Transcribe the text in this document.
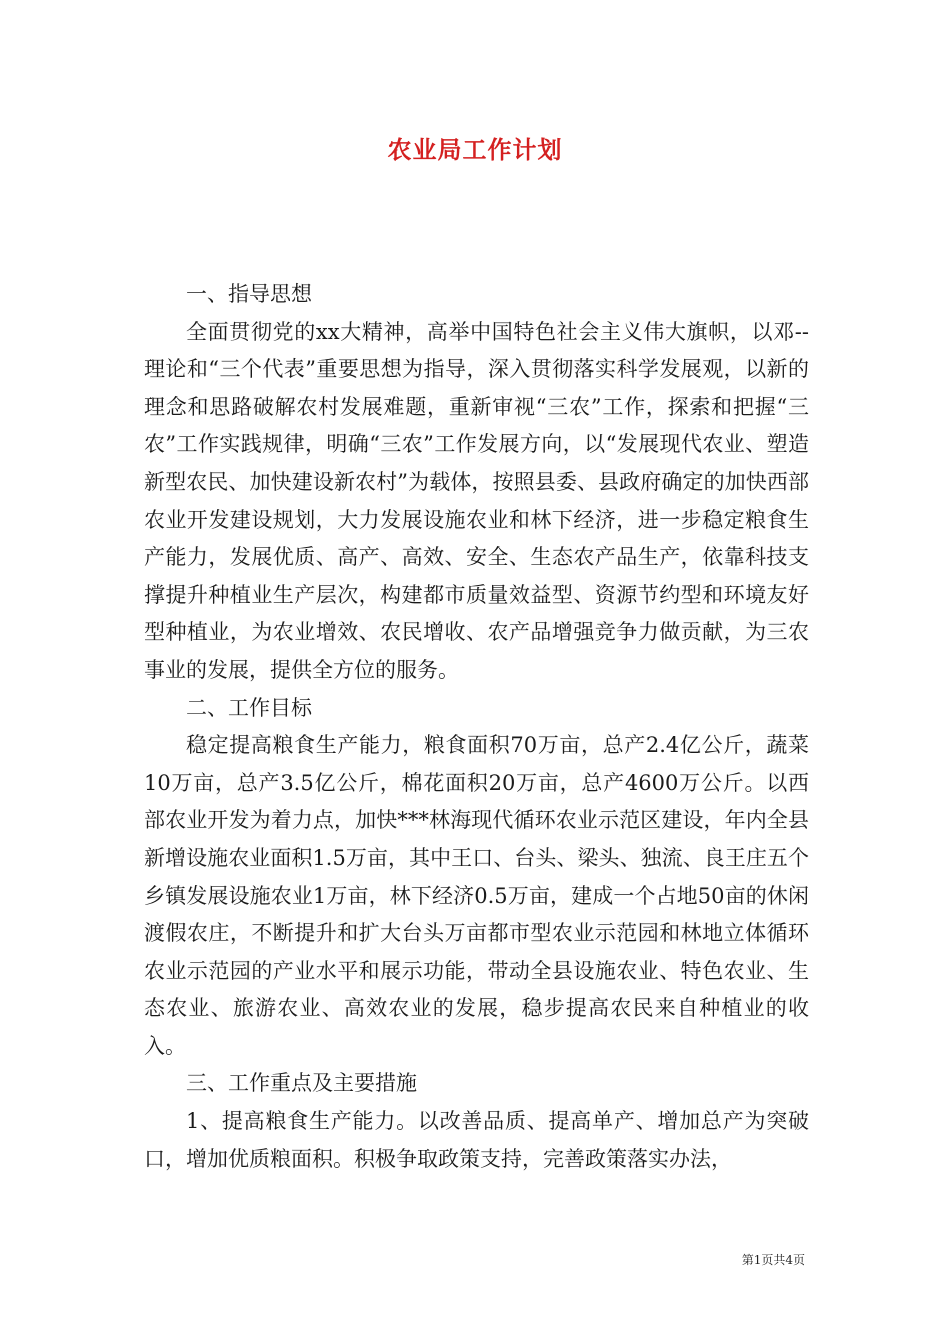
农业局工作计划

一、指导思想

全面贯彻党的xx大精神，高举中国特色社会主义伟大旗帜，以邓--理论和“三个代表”重要思想为指导，深入贯彻落实科学发展观，以新的理念和思路破解农村发展难题，重新审视“三农”工作，探索和把握“三农”工作实践规律，明确“三农”工作发展方向，以“发展现代农业、塑造新型农民、加快建设新农村”为载体，按照县委、县政府确定的加快西部农业开发建设规划，大力发展设施农业和林下经济，进一步稳定粮食生产能力，发展优质、高产、高效、安全、生态农产品生产，依靠科技支撑提升种植业生产层次，构建都市质量效益型、资源节约型和环境友好型种植业，为农业增效、农民增收、农产品增强竞争力做贡献，为三农事业的发展，提供全方位的服务。

二、工作目标

稳定提高粮食生产能力，粮食面积70万亩，总产2.4亿公斤，蔬菜10万亩，总产3.5亿公斤，棉花面积20万亩，总产4600万公斤。以西部农业开发为着力点，加快***林海现代循环农业示范区建设，年内全县新增设施农业面积1.5万亩，其中王口、台头、梁头、独流、良王庄五个乡镇发展设施农业1万亩，林下经济0.5万亩，建成一个占地50亩的休闲渡假农庄，不断提升和扩大台头万亩都市型农业示范园和林地立体循环农业示范园的产业水平和展示功能，带动全县设施农业、特色农业、生态农业、旅游农业、高效农业的发展，稳步提高农民来自种植业的收入。

三、工作重点及主要措施

1、提高粮食生产能力。以改善品质、提高单产、增加总产为突破口，增加优质粮面积。积极争取政策支持，完善政策落实办法，

第1页共4页
